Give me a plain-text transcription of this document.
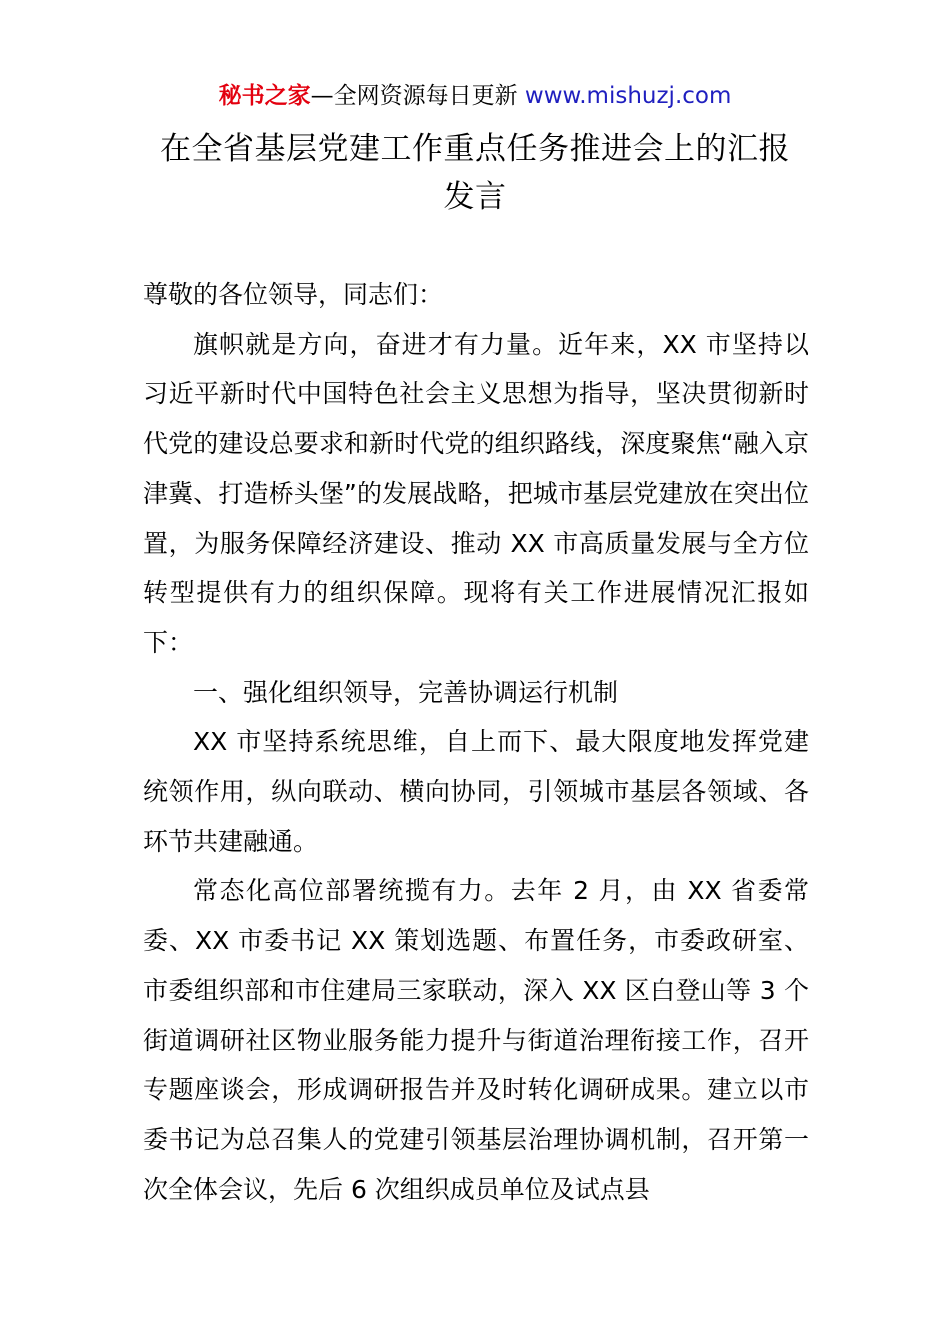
秘书之家—全网资源每日更新 www.mishuzj.com
在全省基层党建工作重点任务推进会上的汇报
发言

尊敬的各位领导，同志们：

旗帜就是方向，奋进才有力量。近年来，XX 市坚持以习近平新时代中国特色社会主义思想为指导，坚决贯彻新时代党的建设总要求和新时代党的组织路线，深度聚焦“融入京津冀、打造桥头堡”的发展战略，把城市基层党建放在突出位置，为服务保障经济建设、推动 XX 市高质量发展与全方位转型提供有力的组织保障。现将有关工作进展情况汇报如下：

一、强化组织领导，完善协调运行机制

XX 市坚持系统思维，自上而下、最大限度地发挥党建统领作用，纵向联动、横向协同，引领城市基层各领域、各环节共建融通。

常态化高位部署统揽有力。去年 2 月，由 XX 省委常委、XX 市委书记 XX 策划选题、布置任务，市委政研室、市委组织部和市住建局三家联动，深入 XX 区白登山等 3 个街道调研社区物业服务能力提升与街道治理衔接工作，召开专题座谈会，形成调研报告并及时转化调研成果。建立以市委书记为总召集人的党建引领基层治理协调机制，召开第一次全体会议，先后 6 次组织成员单位及试点县
